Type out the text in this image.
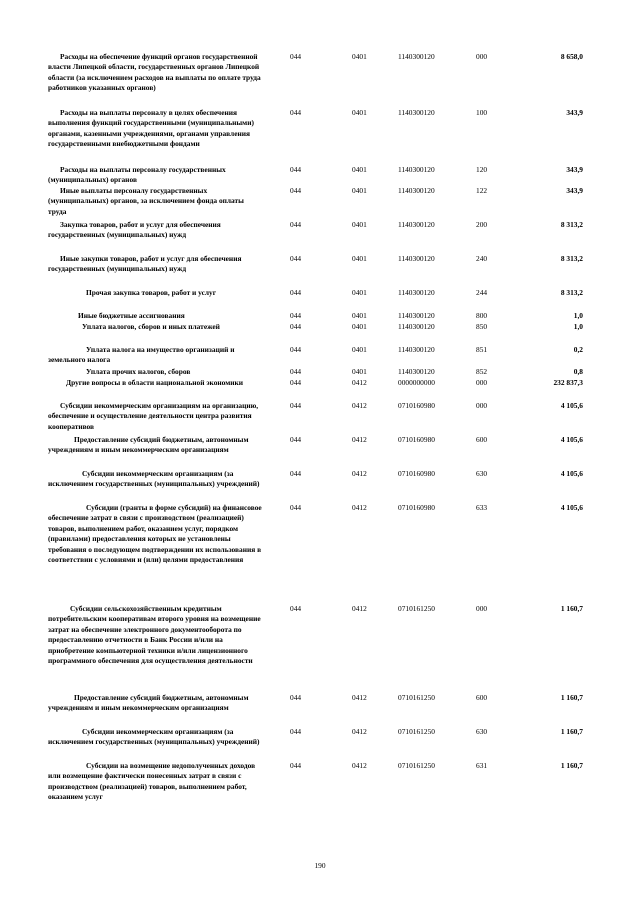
Расходы на обеспечение функций органов государственной власти Липецкой области, государственных органов Липецкой области (за исключением расходов на выплаты по оплате труда работников указанных органов)
044	0401	1140300120	000	8 658,0
Расходы на выплаты персоналу в целях обеспечения выполнения функций государственными (муниципальными) органами, казенными учреждениями, органами управления государственными внебюджетными фондами
044	0401	1140300120	100	343,9
Расходы на выплаты персоналу государственных (муниципальных) органов
044	0401	1140300120	120	343,9
Иные выплаты персоналу государственных (муниципальных) органов, за исключением фонда оплаты труда
044	0401	1140300120	122	343,9
Закупка товаров, работ и услуг для обеспечения государственных (муниципальных) нужд
044	0401	1140300120	200	8 313,2
Иные закупки товаров, работ и услуг для обеспечения государственных (муниципальных) нужд
044	0401	1140300120	240	8 313,2
Прочая закупка товаров, работ и услуг	044	0401	1140300120	244	8 313,2
Иные бюджетные ассигнования	044	0401	1140300120	800	1,0
Уплата налогов, сборов и иных платежей	044	0401	1140300120	850	1,0
Уплата налога на имущество организаций и земельного налога
044	0401	1140300120	851	0,2
Уплата прочих налогов, сборов	044	0401	1140300120	852	0,8
Другие вопросы в области национальной экономики	044	0412	0000000000	000	232 837,3
Субсидии некоммерческим организациям на организацию, обеспечение и осуществление деятельности центра развития кооперативов
044	0412	0710160980	000	4 105,6
Предоставление субсидий бюджетным, автономным учреждениям и иным некоммерческим организациям
044	0412	0710160980	600	4 105,6
Субсидии некоммерческим организациям (за исключением государственных (муниципальных) учреждений)
044	0412	0710160980	630	4 105,6
Субсидии (гранты в форме субсидий) на финансовое обеспечение затрат в связи с производством (реализацией) товаров, выполнением работ, оказанием услуг, порядком (правилами) предоставления которых не установлены требования о последующем подтверждении их использования в соответствии с условиями и (или) целями предоставления
044	0412	0710160980	633	4 105,6
Субсидии сельскохозяйственным кредитным потребительским кооперативам второго уровня на возмещение затрат на обеспечение электронного документооборота по предоставлению отчетности в Банк России и/или на приобретение компьютерной техники и/или лицензионного программного обеспечения для осуществления деятельности
044	0412	0710161250	000	1 160,7
Предоставление субсидий бюджетным, автономным учреждениям и иным некоммерческим организациям
044	0412	0710161250	600	1 160,7
Субсидии некоммерческим организациям (за исключением государственных (муниципальных) учреждений)
044	0412	0710161250	630	1 160,7
Субсидии на возмещение недополученных доходов или возмещение фактически понесенных затрат в связи с производством (реализацией) товаров, выполнением работ, оказанием услуг
044	0412	0710161250	631	1 160,7
190
